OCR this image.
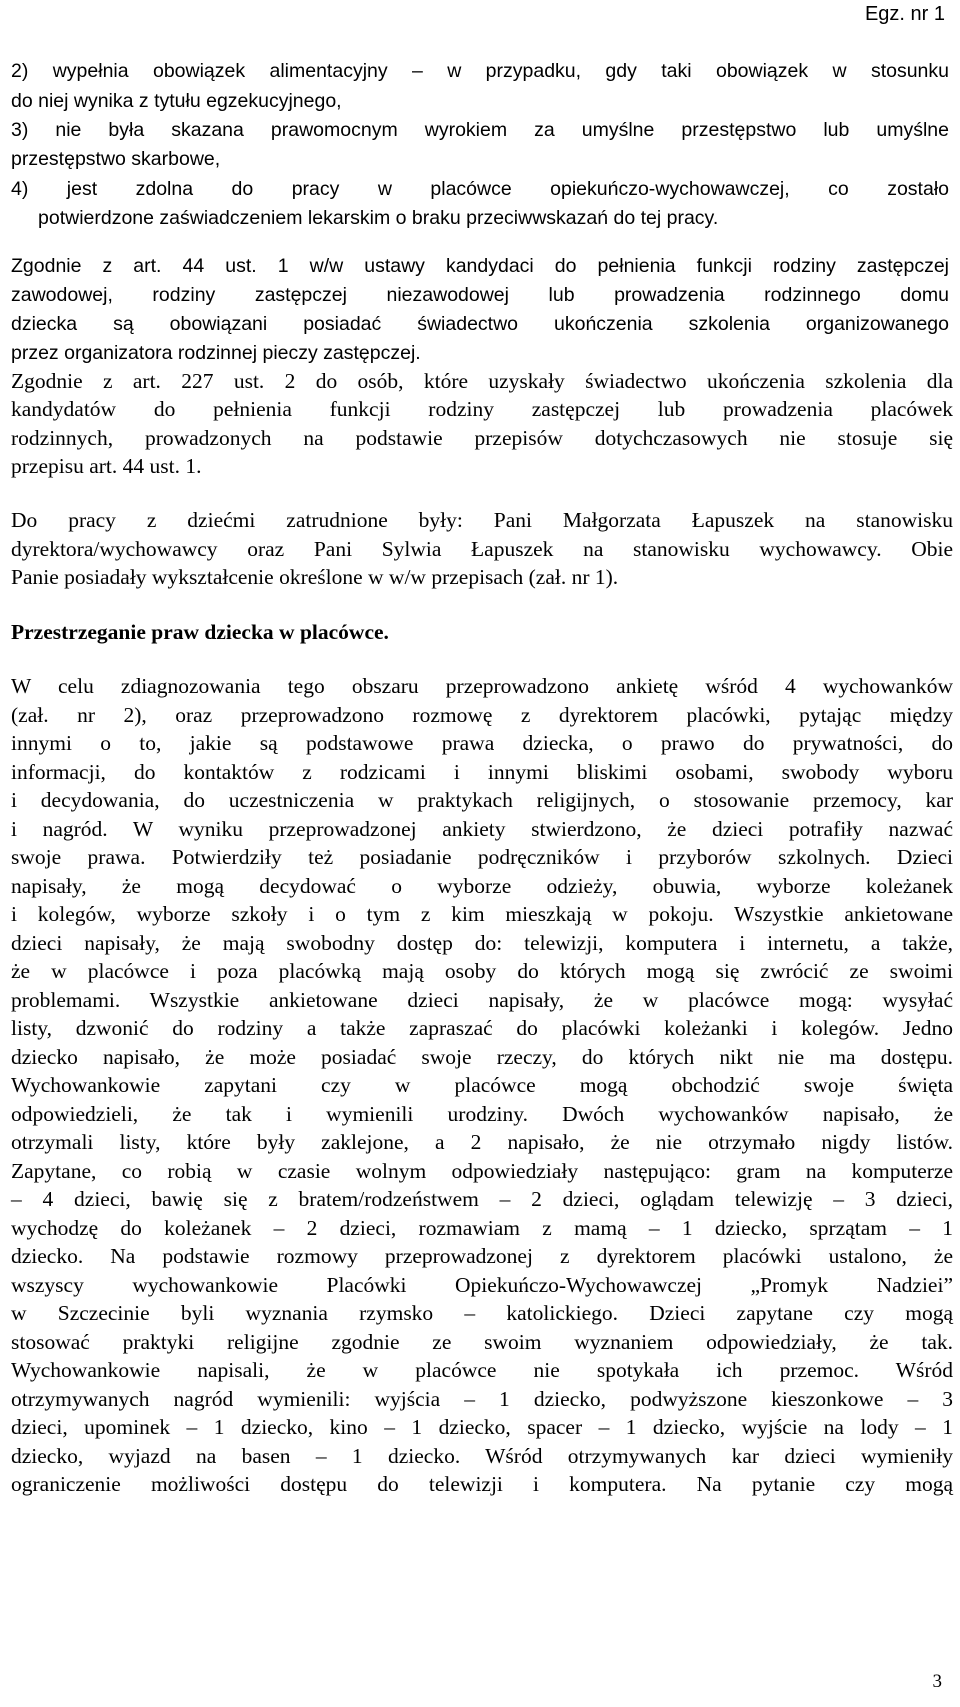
Egz. nr 1
2) wypełnia obowiązek alimentacyjny – w przypadku, gdy taki obowiązek w stosunku
do niej wynika z tytułu egzekucyjnego,
3) nie była skazana prawomocnym wyrokiem za umyślne przestępstwo lub umyślne
przestępstwo skarbowe,
4) jest zdolna do pracy w placówce opiekuńczo-wychowawczej, co zostało
potwierdzone zaświadczeniem lekarskim o braku przeciwwskazań do tej pracy.
Zgodnie z art. 44 ust. 1 w/w ustawy kandydaci do pełnienia funkcji rodziny zastępczej
zawodowej, rodziny zastępczej niezawodowej lub prowadzenia rodzinnego domu
dziecka są obowiązani posiadać świadectwo ukończenia szkolenia organizowanego
przez organizatora rodzinnej pieczy zastępczej.
Zgodnie z art. 227 ust. 2 do osób, które uzyskały świadectwo ukończenia szkolenia dla
kandydatów do pełnienia funkcji rodziny zastępczej lub prowadzenia placówek
rodzinnych, prowadzonych na podstawie przepisów dotychczasowych nie stosuje się
przepisu art. 44 ust. 1.
Do pracy z dziećmi zatrudnione były: Pani Małgorzata Łapuszek na stanowisku
dyrektora/wychowawcy oraz Pani Sylwia Łapuszek na stanowisku wychowawcy. Obie
Panie posiadały wykształcenie określone w w/w przepisach (zał. nr 1).
Przestrzeganie praw dziecka w placówce.
W celu zdiagnozowania tego obszaru przeprowadzono ankietę wśród 4 wychowanków
(zał. nr 2), oraz przeprowadzono rozmowę z dyrektorem placówki, pytając między
innymi o to, jakie są podstawowe prawa dziecka, o prawo do prywatności, do
informacji, do kontaktów z rodzicami i innymi bliskimi osobami, swobody wyboru
i decydowania, do uczestniczenia w praktykach religijnych, o stosowanie przemocy, kar
i nagród. W wyniku przeprowadzonej ankiety stwierdzono, że dzieci potrafiły nazwać
swoje prawa. Potwierdziły też posiadanie podręczników i przyborów szkolnych. Dzieci
napisały, że mogą decydować o wyborze odzieży, obuwia, wyborze koleżanek
i kolegów, wyborze szkoły i o tym z kim mieszkają w pokoju. Wszystkie ankietowane
dzieci napisały, że mają swobodny dostęp do: telewizji, komputera i internetu, a także,
że w placówce i poza placówką mają osoby do których mogą się zwrócić ze swoimi
problemami. Wszystkie ankietowane dzieci napisały, że w placówce mogą: wysyłać
listy, dzwonić do rodziny a także zapraszać do placówki koleżanki i kolegów. Jedno
dziecko napisało, że może posiadać swoje rzeczy, do których nikt nie ma dostępu.
Wychowankowie zapytani czy w placówce mogą obchodzić swoje święta
odpowiedzieli, że tak i wymienili urodziny. Dwóch wychowanków napisało, że
otrzymali listy, które były zaklejone, a 2 napisało, że nie otrzymało nigdy listów.
Zapytane, co robią w czasie wolnym odpowiedziały następująco: gram na komputerze
– 4 dzieci, bawię się z bratem/rodzeństwem – 2 dzieci, oglądam telewizję – 3 dzieci,
wychodzę do koleżanek – 2 dzieci, rozmawiam z mamą – 1 dziecko, sprzątam – 1
dziecko. Na podstawie rozmowy przeprowadzonej z dyrektorem placówki ustalono, że
wszyscy wychowankowie Placówki Opiekuńczo-Wychowawczej „Promyk Nadziei”
w Szczecinie byli wyznania rzymsko – katolickiego. Dzieci zapytane czy mogą
stosować praktyki religijne zgodnie ze swoim wyznaniem odpowiedziały, że tak.
Wychowankowie napisali, że w placówce nie spotykała ich przemoc. Wśród
otrzymywanych nagród wymienili: wyjścia – 1 dziecko, podwyższone kieszonkowe – 3
dzieci, upominek – 1 dziecko, kino – 1 dziecko, spacer – 1 dziecko, wyjście na lody – 1
dziecko, wyjazd na basen – 1 dziecko. Wśród otrzymywanych kar dzieci wymieniły
ograniczenie możliwości dostępu do telewizji i komputera. Na pytanie czy mogą
3
